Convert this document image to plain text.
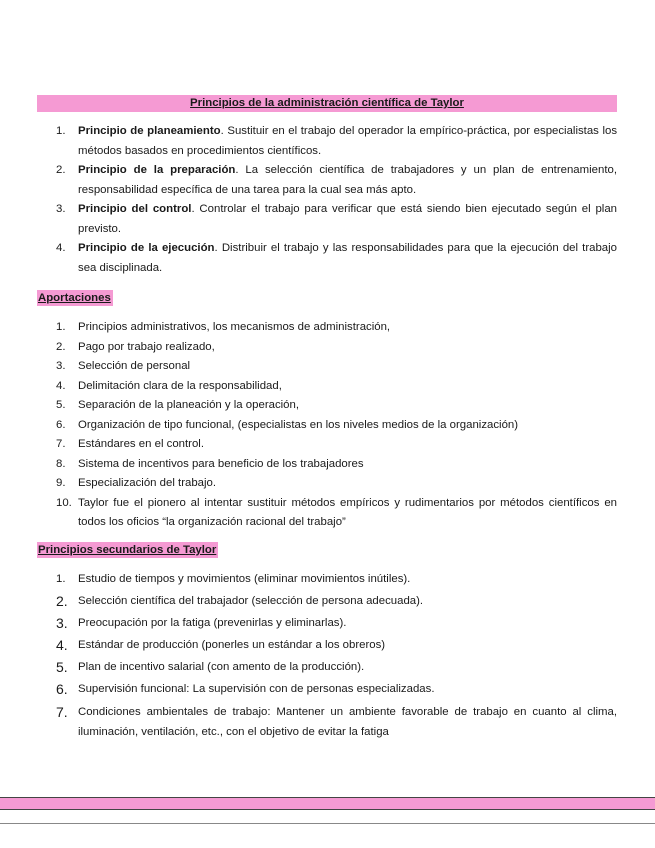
Principios de la administración científica de Taylor
1. Principio de planeamiento. Sustituir en el trabajo del operador la empírico-práctica, por especialistas los métodos basados en procedimientos científicos.
2. Principio de la preparación. La selección científica de trabajadores y un plan de entrenamiento, responsabilidad específica de una tarea para la cual sea más apto.
3. Principio del control. Controlar el trabajo para verificar que está siendo bien ejecutado según el plan previsto.
4. Principio de la ejecución. Distribuir el trabajo y las responsabilidades para que la ejecución del trabajo sea disciplinada.
Aportaciones
1. Principios administrativos, los mecanismos de administración,
2. Pago por trabajo realizado,
3. Selección de personal
4. Delimitación clara de la responsabilidad,
5. Separación de la planeación y la operación,
6. Organización de tipo funcional, (especialistas en los niveles medios de la organización)
7. Estándares en el control.
8. Sistema de incentivos para beneficio de los trabajadores
9. Especialización del trabajo.
10. Taylor fue el pionero al intentar sustituir métodos empíricos y rudimentarios por métodos científicos en todos los oficios “la organización racional del trabajo”
Principios secundarios de Taylor
1. Estudio de tiempos y movimientos (eliminar movimientos inútiles).
2. Selección científica del trabajador (selección de persona adecuada).
3. Preocupación por la fatiga (prevenirlas y eliminarlas).
4. Estándar de producción (ponerles un estándar a los obreros)
5. Plan de incentivo salarial (con amento de la producción).
6. Supervisión funcional: La supervisión con de personas especializadas.
7. Condiciones ambientales de trabajo: Mantener un ambiente favorable de trabajo en cuanto al clima, iluminación, ventilación, etc., con el objetivo de evitar la fatiga
